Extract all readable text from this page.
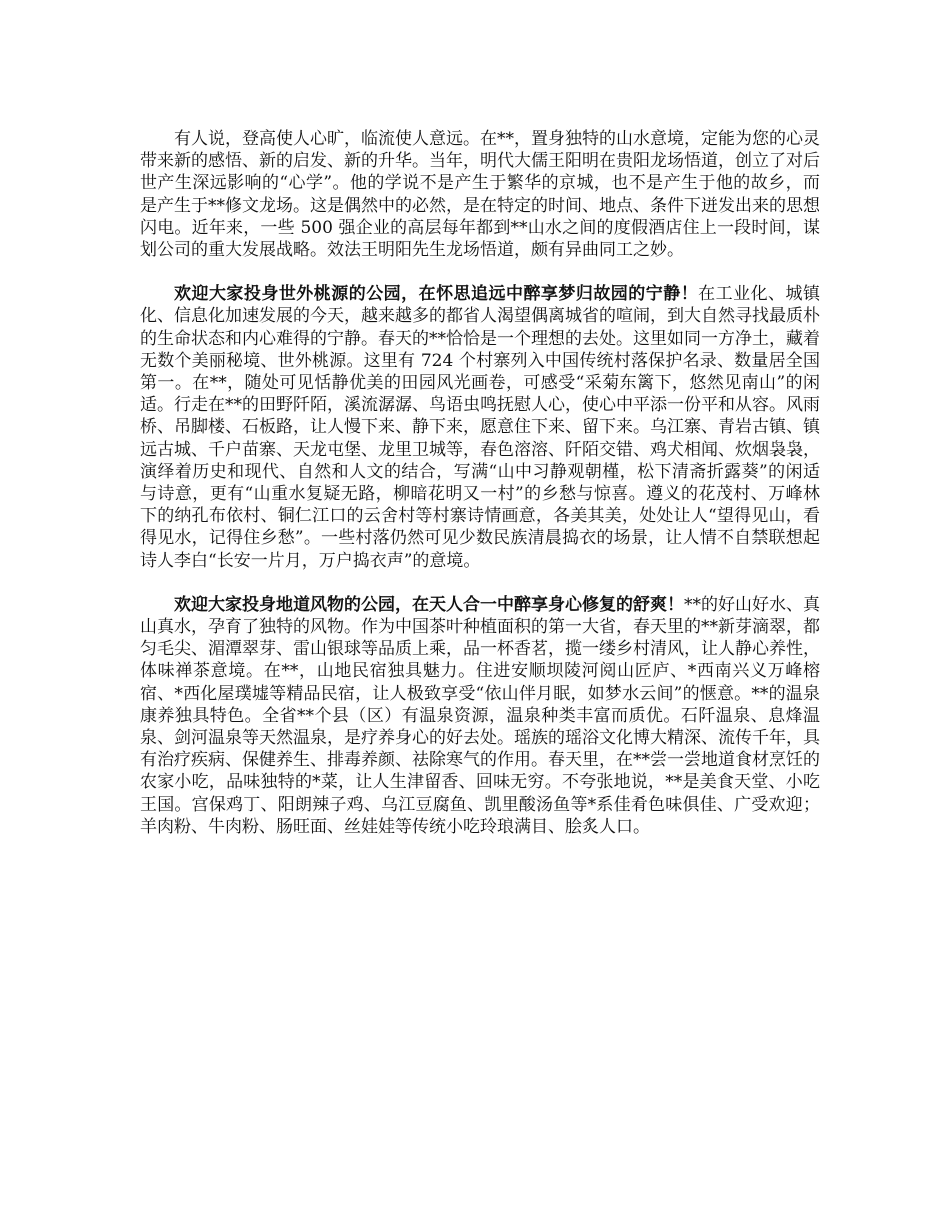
有人说，登高使人心旷，临流使人意远。在**，置身独特的山水意境，定能为您的心灵带来新的感悟、新的启发、新的升华。当年，明代大儒王阳明在贵阳龙场悟道，创立了对后世产生深远影响的“心学”。他的学说不是产生于繁华的京城，也不是产生于他的故乡，而是产生于**修文龙场。这是偶然中的必然，是在特定的时间、地点、条件下迸发出来的思想闪电。近年来，一些 500 强企业的高层每年都到**山水之间的度假酒店住上一段时间，谋划公司的重大发展战略。效法王明阳先生龙场悟道，颇有异曲同工之妙。

欢迎大家投身世外桃源的公园，在怀思追远中醉享梦归故园的宁静！在工业化、城镇化、信息化加速发展的今天，越来越多的都省人渴望偶离城省的喧闹，到大自然寻找最质朴的生命状态和内心难得的宁静。春天的**恰恰是一个理想的去处。这里如同一方净土，藏着无数个美丽秘境、世外桃源。这里有 724 个村寨列入中国传统村落保护名录、数量居全国第一。在**，随处可见恬静优美的田园风光画卷，可感受“采菊东篱下，悠然见南山”的闲适。行走在**的田野阡陌，溪流潺潺、鸟语虫鸣抚慰人心，使心中平添一份平和从容。风雨桥、吊脚楼、石板路，让人慢下来、静下来，愿意住下来、留下来。乌江寨、青岩古镇、镇远古城、千户苗寨、天龙屯堡、龙里卫城等，春色溶溶、阡陌交错、鸡犬相闻、炊烟袅袅，演绎着历史和现代、自然和人文的结合，写满“山中习静观朝槿，松下清斋折露葵”的闲适与诗意，更有“山重水复疑无路，柳暗花明又一村”的乡愁与惊喜。遵义的花茂村、万峰林下的纳孔布依村、铜仁江口的云舍村等村寨诗情画意，各美其美，处处让人“望得见山，看得见水，记得住乡愁”。一些村落仍然可见少数民族清晨捣衣的场景，让人情不自禁联想起诗人李白“长安一片月，万户捣衣声”的意境。

欢迎大家投身地道风物的公园，在天人合一中醉享身心修复的舒爽！**的好山好水、真山真水，孕育了独特的风物。作为中国茶叶种植面积的第一大省，春天里的**新芽滴翠，都匀毛尖、湄潭翠芽、雷山银球等品质上乘，品一杯香茗，揽一缕乡村清风，让人静心养性，体味禅茶意境。在**，山地民宿独具魅力。住进安顺坝陵河阅山匠庐、*西南兴义万峰榕宿、*西化屋璞墟等精品民宿，让人极致享受“依山伴月眠，如梦水云间”的惬意。**的温泉康养独具特色。全省**个县（区）有温泉资源，温泉种类丰富而质优。石阡温泉、息烽温泉、剑河温泉等天然温泉，是疗养身心的好去处。瑶族的瑶浴文化博大精深、流传千年，具有治疗疾病、保健养生、排毒养颜、祛除寒气的作用。春天里，在**尝一尝地道食材烹饪的农家小吃，品味独特的*菜，让人生津留香、回味无穷。不夸张地说，**是美食天堂、小吃王国。宫保鸡丁、阳朗辣子鸡、乌江豆腐鱼、凯里酸汤鱼等*系佳肴色味俱佳、广受欢迎；羊肉粉、牛肉粉、肠旺面、丝娃娃等传统小吃玲琅满目、脍炙人口。
